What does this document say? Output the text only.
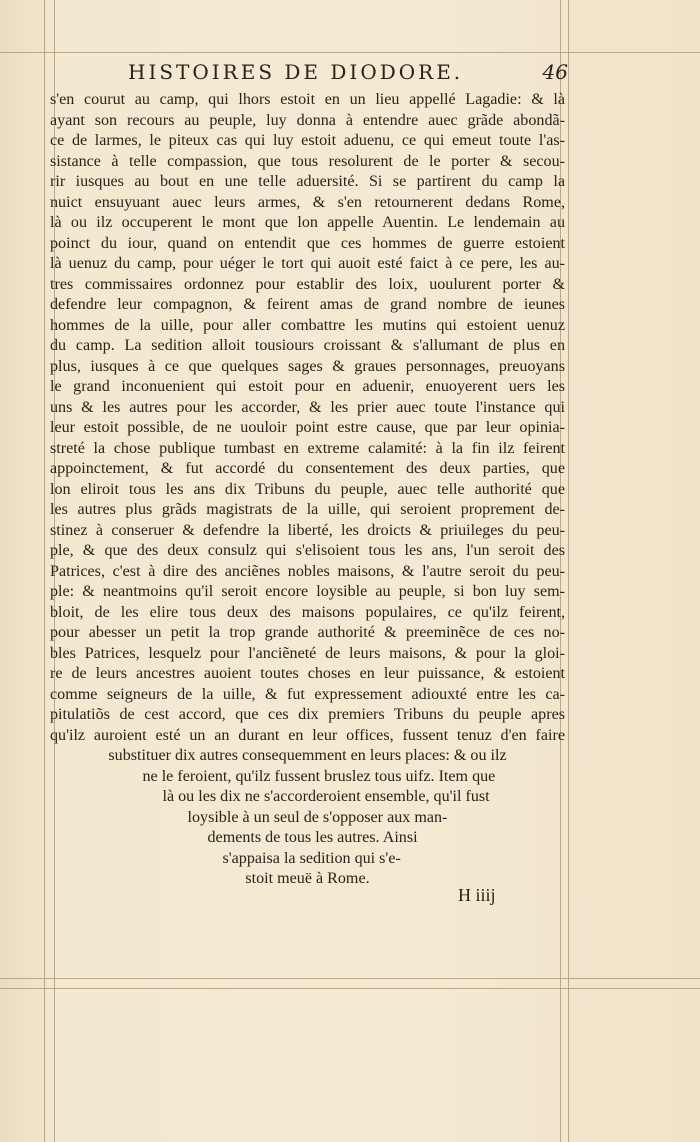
HISTOIRES DE DIODORE.	46
s'en courut au camp, qui lhors estoit en un lieu appellé Lagadie: & là
ayant son recours au peuple, luy donna à entendre auec grãde abondã-
ce de larmes, le piteux cas qui luy estoit aduenu, ce qui emeut toute l'as-
sistance à telle compassion, que tous resolurent de le porter & secou-
rir iusques au bout en une telle aduersité. Si se partirent du camp la
nuict ensuyuant auec leurs armes, & s'en retournerent dedans Rome,
là ou ilz occuperent le mont que lon appelle Auentin. Le lendemain au
poinct du iour, quand on entendit que ces hommes de guerre estoient
là uenuz du camp, pour uéger le tort qui auoit esté faict à ce pere, les au-
tres commissaires ordonnez pour establir des loix, uoulurent porter &
defendre leur compagnon, & feirent amas de grand nombre de ieunes
hommes de la uille, pour aller combattre les mutins qui estoient uenuz
du camp. La sedition alloit tousiours croissant & s'allumant de plus en
plus, iusques à ce que quelques sages & graues personnages, preuoyans
le grand inconuenient qui estoit pour en aduenir, enuoyerent uers les
uns & les autres pour les accorder, & les prier auec toute l'instance qui
leur estoit possible, de ne uouloir point estre cause, que par leur opinia-
streté la chose publique tumbast en extreme calamité: à la fin ilz feirent
appoinctement, & fut accordé du consentement des deux parties, que
lon eliroit tous les ans dix Tribuns du peuple, auec telle authorité que
les autres plus grãds magistrats de la uille, qui seroient proprement de-
stinez à conseruer & defendre la liberté, les droicts & priuileges du peu-
ple, & que des deux consulz qui s'elisoient tous les ans, l'un seroit des
Patrices, c'est à dire des anciẽnes nobles maisons, & l'autre seroit du peu-
ple: & neantmoins qu'il seroit encore loysible au peuple, si bon luy sem-
bloit, de les elire tous deux des maisons populaires, ce qu'ilz feirent,
pour abesser un petit la trop grande authorité & preeminẽce de ces no-
bles Patrices, lesquelz pour l'anciẽneté de leurs maisons, & pour la gloi-
re de leurs ancestres auoient toutes choses en leur puissance, & estoient
comme seigneurs de la uille, & fut expressement adiouxté entre les ca-
pitulatiõs de cest accord, que ces dix premiers Tribuns du peuple apres
qu'ilz auroient esté un an durant en leur offices, fussent tenuz d'en faire
substituer dix autres consequemment en leurs places: & ou ilz
ne le feroient, qu'ilz fussent bruslez tous uifz. Item que
là ou les dix ne s'accorderoient ensemble, qu'il fust
loysible à un seul de s'opposer aux man-
dements de tous les autres. Ainsi
s'appaisa la sedition qui s'e-
stoit meuë à Rome.
H iiij
